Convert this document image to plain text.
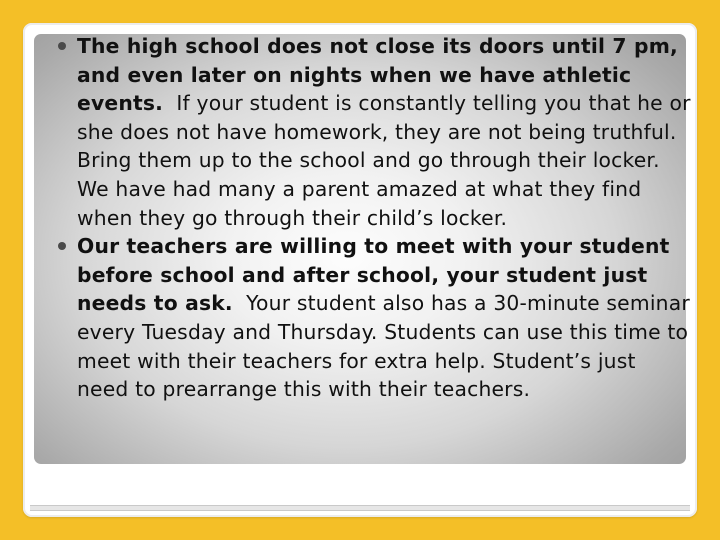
The high school does not close its doors until 7 pm, and even later on nights when we have athletic events. If your student is constantly telling you that he or she does not have homework, they are not being truthful. Bring them up to the school and go through their locker. We have had many a parent amazed at what they find when they go through their child’s locker.
Our teachers are willing to meet with your student before school and after school, your student just needs to ask. Your student also has a 30-minute seminar every Tuesday and Thursday. Students can use this time to meet with their teachers for extra help. Student’s just need to prearrange this with their teachers.
